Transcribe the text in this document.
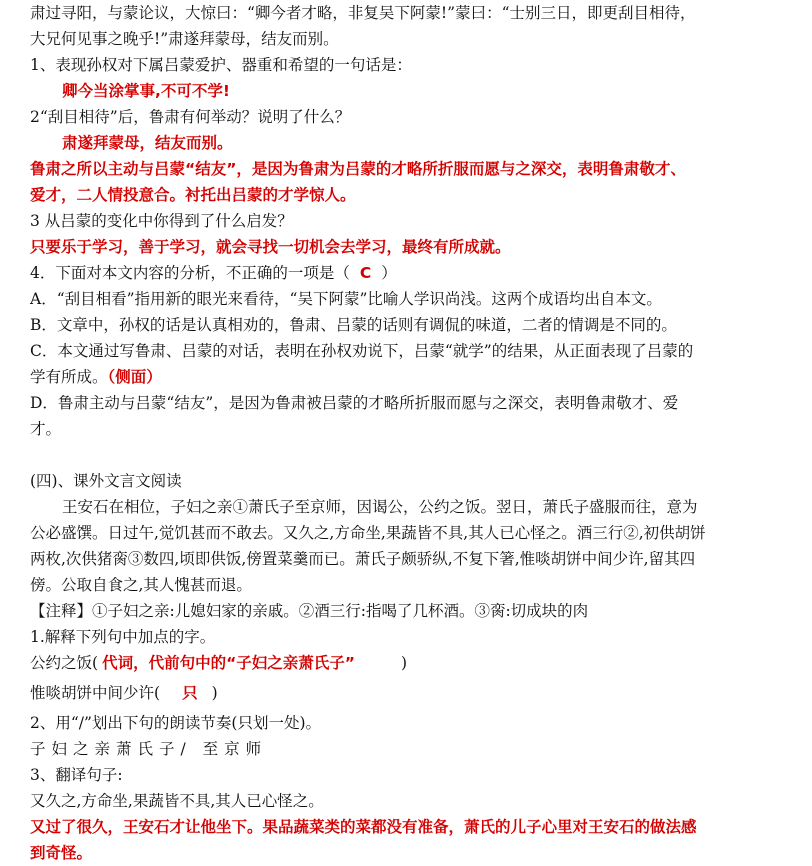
肃过寻阳，与蒙论议，大惊曰：“卿今者才略，非复吴下阿蒙!”蒙曰：“士别三日，即更刮目相待，
大兄何见事之晚乎!”肃遂拜蒙母，结友而别。
1、表现孙权对下属吕蒙爱护、器重和希望的一句话是：
卿今当涂掌事,不可不学!
2“刮目相待”后，鲁肃有何举动？说明了什么？
肃遂拜蒙母，结友而别。
鲁肃之所以主动与吕蒙“结友”，是因为鲁肃为吕蒙的才略所折服而愿与之深交，表明鲁肃敬才、
爱才，二人情投意合。衬托出吕蒙的才学惊人。
3 从吕蒙的变化中你得到了什么启发？
只要乐于学习，善于学习，就会寻找一切机会去学习，最终有所成就。
4．下面对本文内容的分析，不正确的一项是（ C ）
A．“刮目相看”指用新的眼光来看待，“吴下阿蒙”比喻人学识尚浅。这两个成语均出自本文。
B．文章中，孙权的话是认真相劝的，鲁肃、吕蒙的话则有调侃的味道，二者的情调是不同的。
C．本文通过写鲁肃、吕蒙的对话，表明在孙权劝说下，吕蒙“就学”的结果，从正面表现了吕蒙的
学有所成。（侧面）
D．鲁肃主动与吕蒙“结友”，是因为鲁肃被吕蒙的才略所折服而愿与之深交，表明鲁肃敬才、爱
才。
(四)、课外文言文阅读
王安石在相位，子妇之亲①萧氏子至京师，因谒公，公约之饭。翌日，萧氏子盛服而往，意为
公必盛馔。日过午,觉饥甚而不敢去。又久之,方命坐,果蔬皆不具,其人已心怪之。酒三行②,初供胡饼
两枚,次供猪脔③数四,顷即供饭,傍置菜羹而已。萧氏子颇骄纵,不复下箸,惟啖胡饼中间少许,留其四
傍。公取自食之,其人愧甚而退。
【注释】①子妇之亲:儿媳妇家的亲戚。②酒三行:指喝了几杯酒。③脔:切成块的肉
1.解释下列句中加点的字。
公约之饭( 代词，代前句中的“子妇之亲萧氏子”	)
惟啖胡饼中间少许( 只 )
2、用“/”划出下句的朗读节奏(只划一处)。
子妇之亲萧氏子/ 至京师
3、翻译句子:
又久之,方命坐,果蔬皆不具,其人已心怪之。
又过了很久，王安石才让他坐下。果品蔬菜类的菜都没有准备，萧氏的儿子心里对王安石的做法感
到奇怪。
